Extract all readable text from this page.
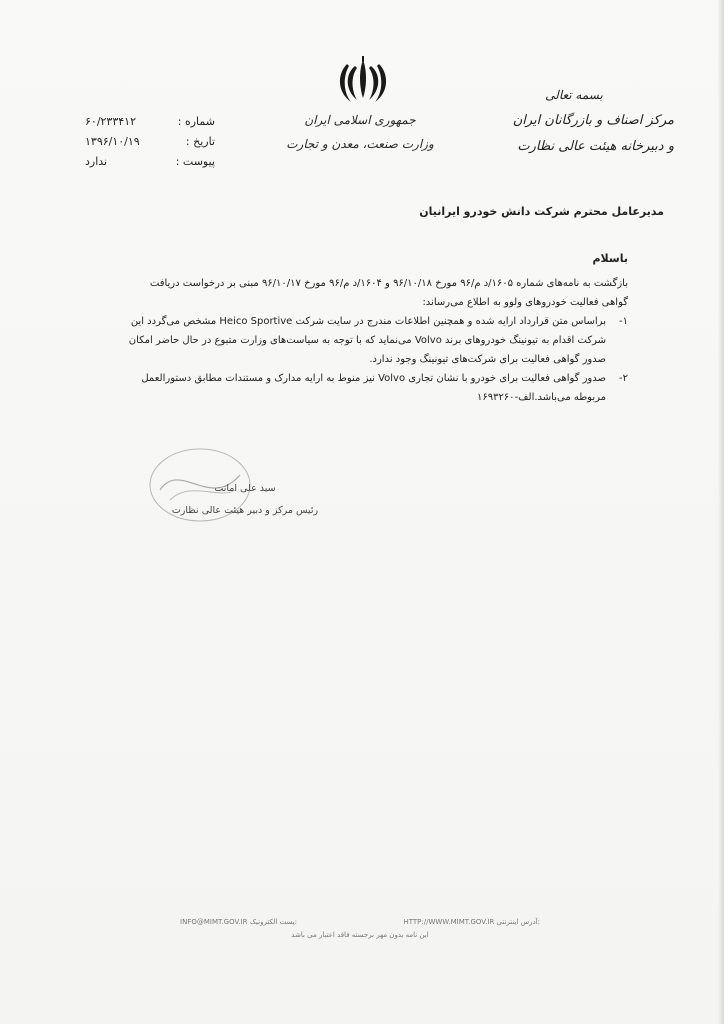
جمهوری اسلامی ایران
وزارت صنعت، معدن و تجارت
بسمه تعالی
مرکز اصناف و بازرگانان ایران
و دبیرخانه هیئت عالی نظارت
شماره :
۶۰/۲۳۳۴۱۲
تاریخ :
۱۳۹۶/۱۰/۱۹
پیوست :
ندارد
مدیرعامل محترم شرکت دانش خودرو ایرانیان
باسلام

بازگشت به نامه‌های شماره ۱۶۰۵/د م/۹۶ مورخ ۹۶/۱۰/۱۸ و ۱۶۰۴/د م/۹۶ مورخ ۹۶/۱۰/۱۷ مبنی بر درخواست دریافت گواهی فعالیت خودروهای ولوو به اطلاع می‌رساند:

۱-
براساس متن قرارداد ارایه شده و همچنین اطلاعات مندرج در سایت شرکت Heico Sportive مشخص می‌گردد این شرکت اقدام به تیونینگ خودروهای برند Volvo می‌نماید که با توجه به سیاست‌های وزارت متبوع در حال حاضر امکان صدور گواهی فعالیت برای شرکت‌های تیونینگ وجود ندارد.
۲-
صدور گواهی فعالیت برای خودرو با نشان تجاری Volvo نیز منوط به ارایه مدارک و مستندات مطابق دستورالعمل مربوطه می‌باشد.الف-۱۶۹۳۲۶۰
سید علی امانت
رئیس مرکز و دبیر هیئت عالی نظارت
INFO@MIMT.GOV.IR پست الکترونیک:	HTTP://WWW.MIMT.GOV.IR آدرس اینترنتی:
این نامه بدون مهر برجسته فاقد اعتبار می باشد
